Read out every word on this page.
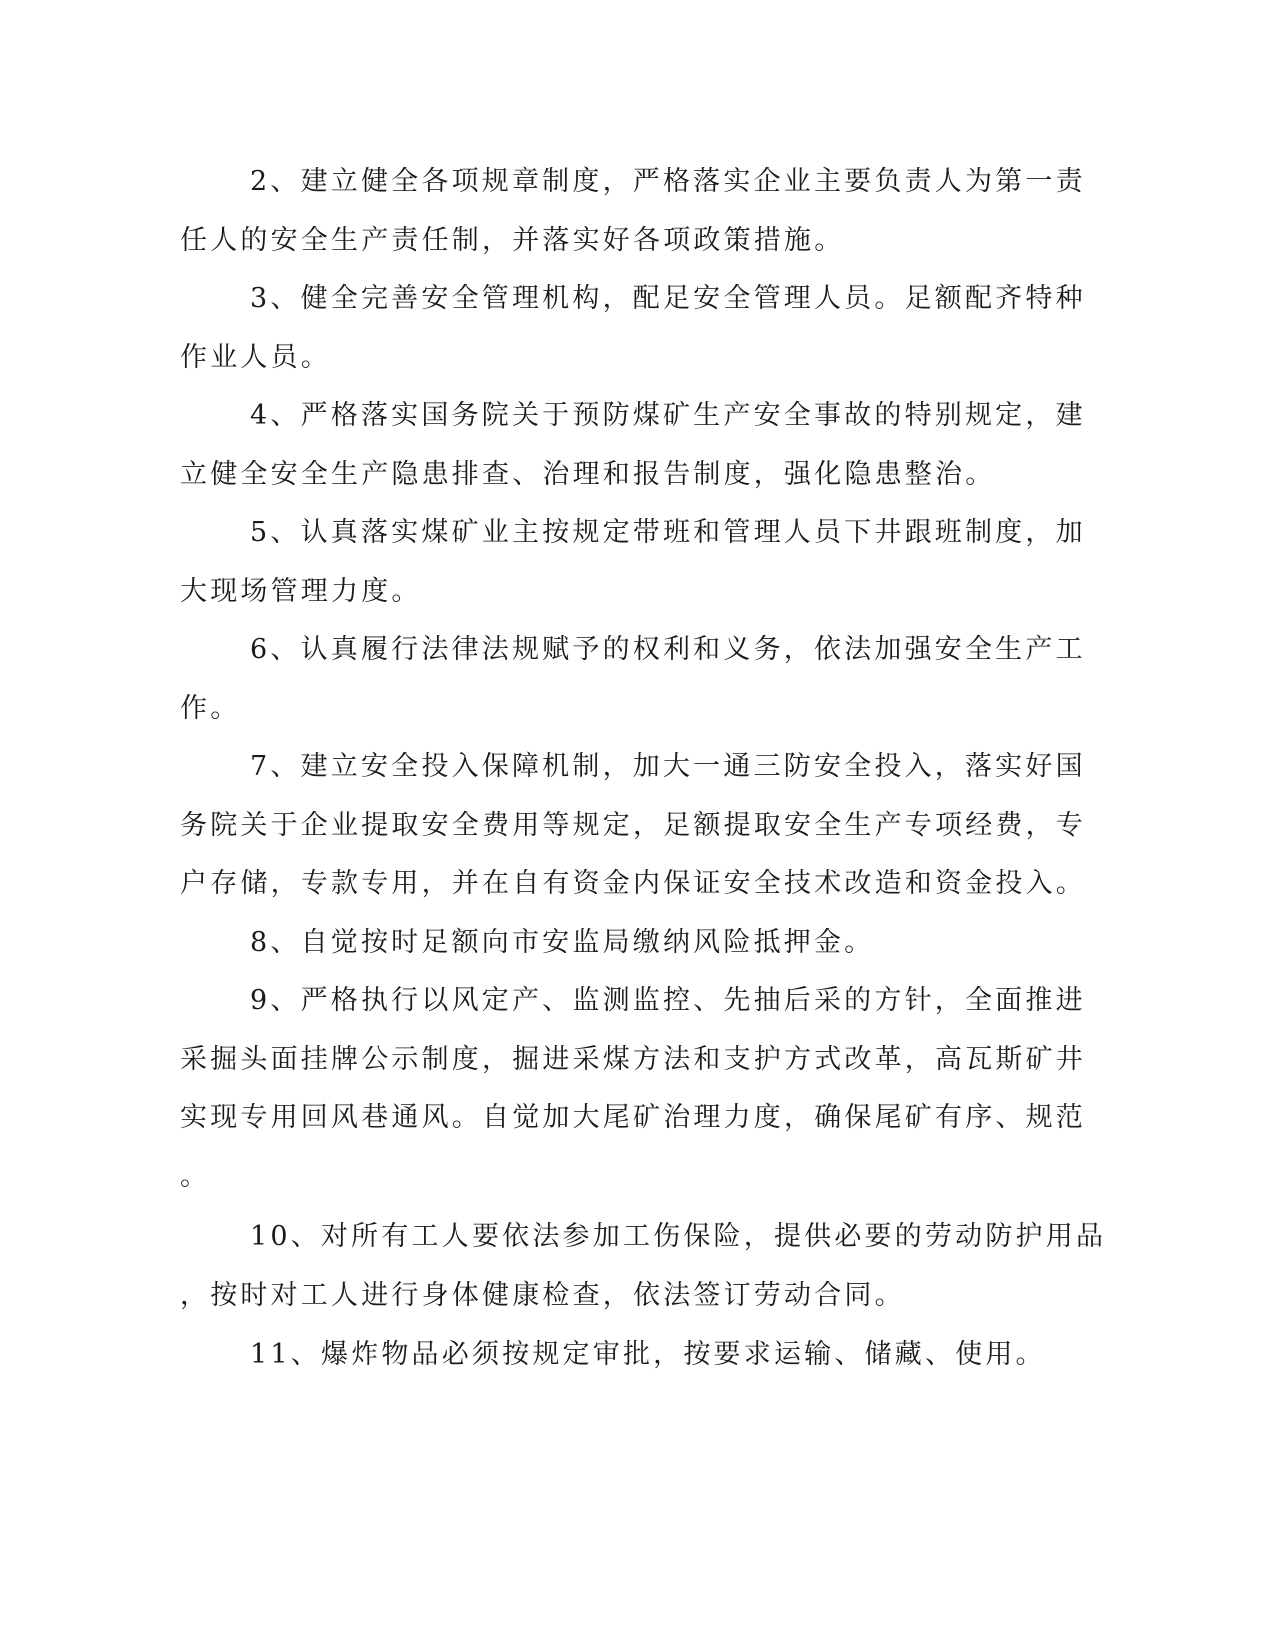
2、建立健全各项规章制度，严格落实企业主要负责人为第一责
任人的安全生产责任制，并落实好各项政策措施。
3、健全完善安全管理机构，配足安全管理人员。足额配齐特种
作业人员。
4、严格落实国务院关于预防煤矿生产安全事故的特别规定，建
立健全安全生产隐患排查、治理和报告制度，强化隐患整治。
5、认真落实煤矿业主按规定带班和管理人员下井跟班制度，加
大现场管理力度。
6、认真履行法律法规赋予的权利和义务，依法加强安全生产工
作。
7、建立安全投入保障机制，加大一通三防安全投入，落实好国
务院关于企业提取安全费用等规定，足额提取安全生产专项经费，专
户存储，专款专用，并在自有资金内保证安全技术改造和资金投入。
8、自觉按时足额向市安监局缴纳风险抵押金。
9、严格执行以风定产、监测监控、先抽后采的方针，全面推进
采掘头面挂牌公示制度，掘进采煤方法和支护方式改革，高瓦斯矿井
实现专用回风巷通风。自觉加大尾矿治理力度，确保尾矿有序、规范
。
10、对所有工人要依法参加工伤保险，提供必要的劳动防护用品
，按时对工人进行身体健康检查，依法签订劳动合同。
11、爆炸物品必须按规定审批，按要求运输、储藏、使用。
